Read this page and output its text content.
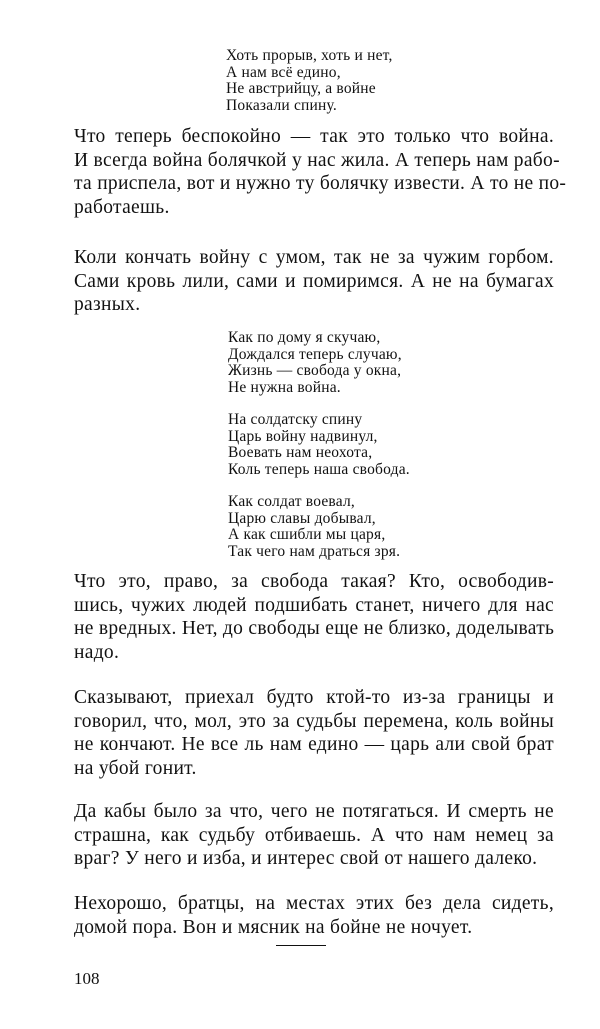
Хоть прорыв, хоть и нет,
А нам всё едино,
Не австрийцу, а войне
Показали спину.
Что теперь беспокойно — так это только что война.
И всегда война болячкой у нас жила. А теперь нам рабо-
та приспела, вот и нужно ту болячку извести. А то не по-
работаешь.
Коли кончать войну с умом, так не за чужим горбом.
Сами кровь лили, сами и помиримся. А не на бумагах
разных.
Как по дому я скучаю,
Дождался теперь случаю,
Жизнь — свобода у окна,
Не нужна война.
На солдатску спину
Царь войну надвинул,
Воевать нам неохота,
Коль теперь наша свобода.
Как солдат воевал,
Царю славы добывал,
А как сшибли мы царя,
Так чего нам драться зря.
Что это, право, за свобода такая? Кто, освободив-
шись, чужих людей подшибать станет, ничего для нас
не вредных. Нет, до свободы еще не близко, доделывать
надо.
Сказывают, приехал будто ктой-то из-за границы и
говорил, что, мол, это за судьбы перемена, коль войны
не кончают. Не все ль нам едино — царь али свой брат
на убой гонит.
Да кабы было за что, чего не потягаться. И смерть не
страшна, как судьбу отбиваешь. А что нам немец за
враг? У него и изба, и интерес свой от нашего далеко.
Нехорошо, братцы, на местах этих без дела сидеть,
домой пора. Вон и мясник на бойне не ночует.
108
